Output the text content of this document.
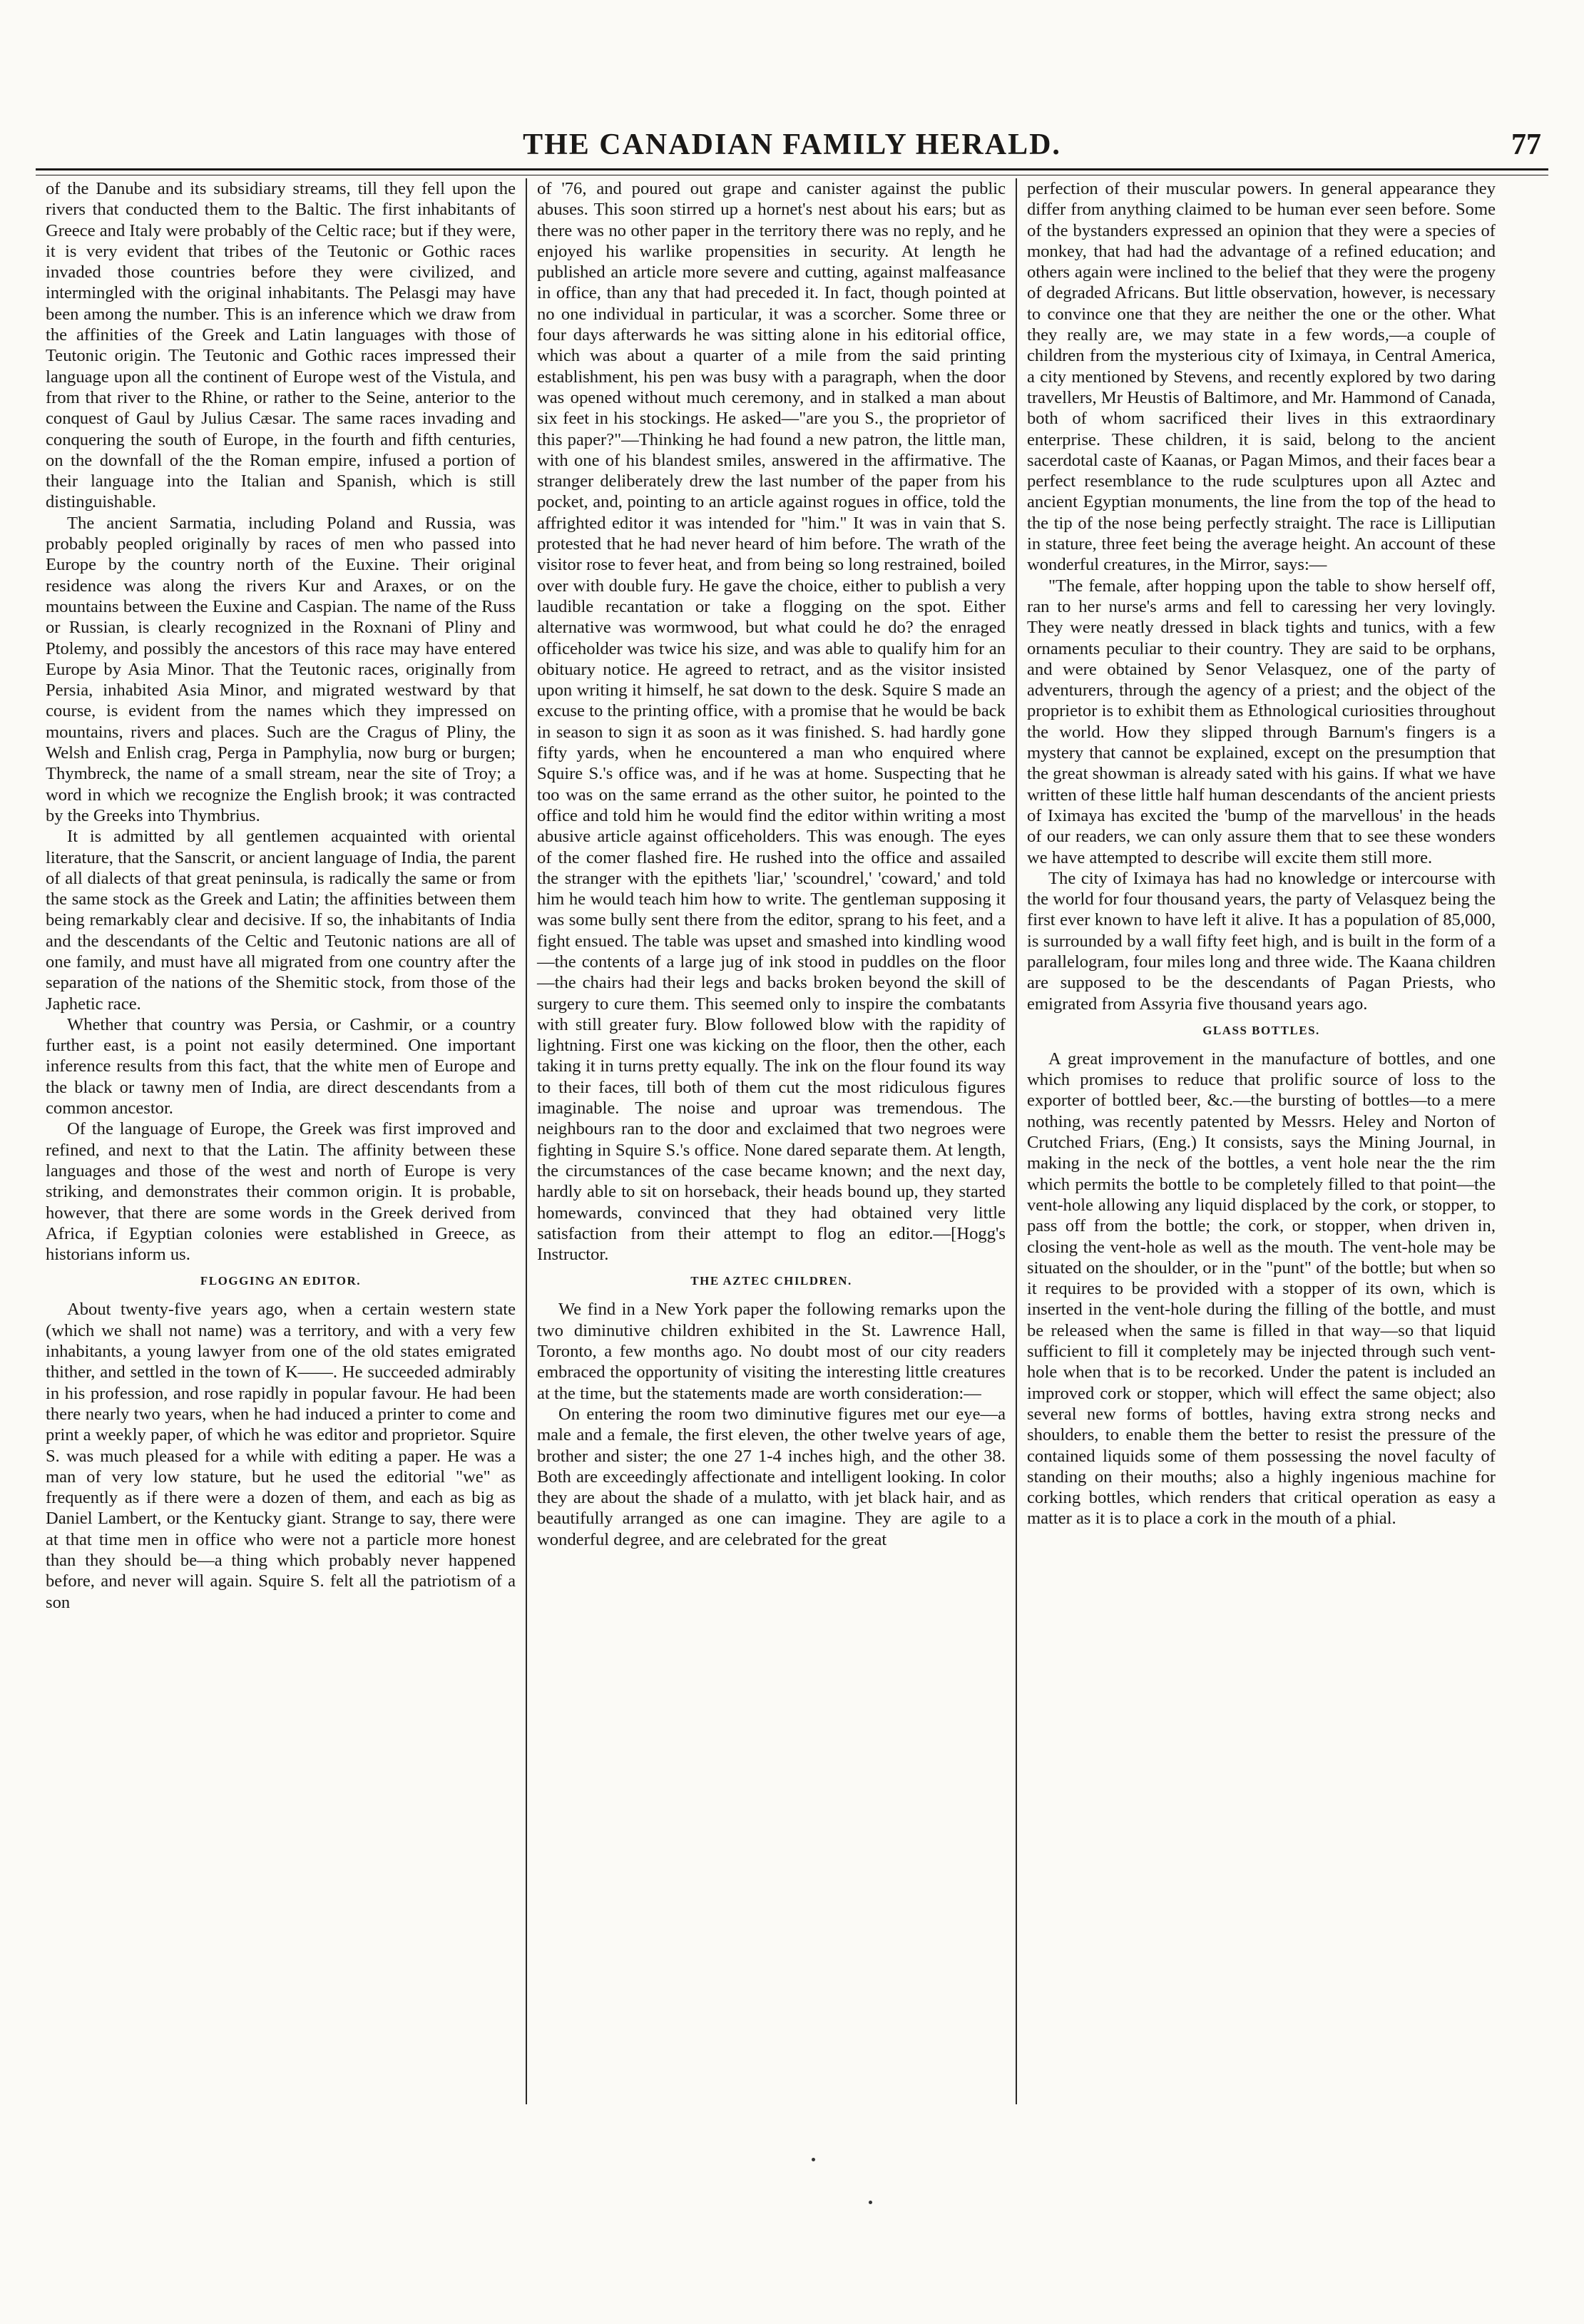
THE CANADIAN FAMILY HERALD.	77

of the Danube and its subsidiary streams, till they fell upon the rivers that conducted them to the Baltic. The first inhabitants of Greece and Italy were probably of the Celtic race; but if they were, it is very evident that tribes of the Teutonic or Gothic races invaded those countries before they were civilized, and intermingled with the original inhabitants. The Pelasgi may have been among the number. This is an inference which we draw from the affinities of the Greek and Latin languages with those of Teutonic origin. The Teutonic and Gothic races impressed their language upon all the continent of Europe west of the Vistula, and from that river to the Rhine, or rather to the Seine, anterior to the conquest of Gaul by Julius Cæsar. The same races invading and conquering the south of Europe, in the fourth and fifth centuries, on the downfall of the the Roman empire, infused a portion of their language into the Italian and Spanish, which is still distinguishable.

The ancient Sarmatia, including Poland and Russia, was probably peopled originally by races of men who passed into Europe by the country north of the Euxine. Their original residence was along the rivers Kur and Araxes, or on the mountains between the Euxine and Caspian. The name of the Russ or Russian, is clearly recognized in the Roxnani of Pliny and Ptolemy, and possibly the ancestors of this race may have entered Europe by Asia Minor. That the Teutonic races, originally from Persia, inhabited Asia Minor, and migrated westward by that course, is evident from the names which they impressed on mountains, rivers and places. Such are the Cragus of Pliny, the Welsh and Enlish crag, Perga in Pamphylia, now burg or burgen; Thymbreck, the name of a small stream, near the site of Troy; a word in which we recognize the English brook; it was contracted by the Greeks into Thymbrius.

It is admitted by all gentlemen acquainted with oriental literature, that the Sanscrit, or ancient language of India, the parent of all dialects of that great peninsula, is radically the same or from the same stock as the Greek and Latin; the affinities between them being remarkably clear and decisive. If so, the inhabitants of India and the descendants of the Celtic and Teutonic nations are all of one family, and must have all migrated from one country after the separation of the nations of the Shemitic stock, from those of the Japhetic race.

Whether that country was Persia, or Cashmir, or a country further east, is a point not easily determined. One important inference results from this fact, that the white men of Europe and the black or tawny men of India, are direct descendants from a common ancestor.

Of the language of Europe, the Greek was first improved and refined, and next to that the Latin. The affinity between these languages and those of the west and north of Europe is very striking, and demonstrates their common origin. It is probable, however, that there are some words in the Greek derived from Africa, if Egyptian colonies were established in Greece, as historians inform us.

FLOGGING AN EDITOR.

About twenty-five years ago, when a certain western state (which we shall not name) was a territory, and with a very few inhabitants, a young lawyer from one of the old states emigrated thither, and settled in the town of K——. He succeeded admirably in his profession, and rose rapidly in popular favour. He had been there nearly two years, when he had induced a printer to come and print a weekly paper, of which he was editor and proprietor. Squire S. was much pleased for a while with editing a paper. He was a man of very low stature, but he used the editorial "we" as frequently as if there were a dozen of them, and each as big as Daniel Lambert, or the Kentucky giant. Strange to say, there were at that time men in office who were not a particle more honest than they should be—a thing which probably never happened before, and never will again. Squire S. felt all the patriotism of a son

of '76, and poured out grape and canister against the public abuses. This soon stirred up a hornet's nest about his ears; but as there was no other paper in the territory there was no reply, and he enjoyed his warlike propensities in security. At length he published an article more severe and cutting, against malfeasance in office, than any that had preceded it. In fact, though pointed at no one individual in particular, it was a scorcher. Some three or four days afterwards he was sitting alone in his editorial office, which was about a quarter of a mile from the said printing establishment, his pen was busy with a paragraph, when the door was opened without much ceremony, and in stalked a man about six feet in his stockings. He asked—"are you S., the proprietor of this paper?"—Thinking he had found a new patron, the little man, with one of his blandest smiles, answered in the affirmative. The stranger deliberately drew the last number of the paper from his pocket, and, pointing to an article against rogues in office, told the affrighted editor it was intended for "him." It was in vain that S. protested that he had never heard of him before. The wrath of the visitor rose to fever heat, and from being so long restrained, boiled over with double fury. He gave the choice, either to publish a very laudible recantation or take a flogging on the spot. Either alternative was wormwood, but what could he do? the enraged officeholder was twice his size, and was able to qualify him for an obituary notice. He agreed to retract, and as the visitor insisted upon writing it himself, he sat down to the desk. Squire S made an excuse to the printing office, with a promise that he would be back in season to sign it as soon as it was finished. S. had hardly gone fifty yards, when he encountered a man who enquired where Squire S.'s office was, and if he was at home. Suspecting that he too was on the same errand as the other suitor, he pointed to the office and told him he would find the editor within writing a most abusive article against officeholders. This was enough. The eyes of the comer flashed fire. He rushed into the office and assailed the stranger with the epithets 'liar,' 'scoundrel,' 'coward,' and told him he would teach him how to write. The gentleman supposing it was some bully sent there from the editor, sprang to his feet, and a fight ensued. The table was upset and smashed into kindling wood—the contents of a large jug of ink stood in puddles on the floor —the chairs had their legs and backs broken beyond the skill of surgery to cure them. This seemed only to inspire the combatants with still greater fury. Blow followed blow with the rapidity of lightning. First one was kicking on the floor, then the other, each taking it in turns pretty equally. The ink on the flour found its way to their faces, till both of them cut the most ridiculous figures imaginable. The noise and uproar was tremendous. The neighbours ran to the door and exclaimed that two negroes were fighting in Squire S.'s office. None dared separate them. At length, the circumstances of the case became known; and the next day, hardly able to sit on horseback, their heads bound up, they started homewards, convinced that they had obtained very little satisfaction from their attempt to flog an editor.—[Hogg's Instructor.

THE AZTEC CHILDREN.

We find in a New York paper the following remarks upon the two diminutive children exhibited in the St. Lawrence Hall, Toronto, a few months ago. No doubt most of our city readers embraced the opportunity of visiting the interesting little creatures at the time, but the statements made are worth consideration:—

On entering the room two diminutive figures met our eye—a male and a female, the first eleven, the other twelve years of age, brother and sister; the one 27 1-4 inches high, and the other 38. Both are exceedingly affectionate and intelligent looking. In color they are about the shade of a mulatto, with jet black hair, and as beautifully arranged as one can imagine. They are agile to a wonderful degree, and are celebrated for the great

perfection of their muscular powers. In general appearance they differ from anything claimed to be human ever seen before. Some of the bystanders expressed an opinion that they were a species of monkey, that had had the advantage of a refined education; and others again were inclined to the belief that they were the progeny of degraded Africans. But little observation, however, is necessary to convince one that they are neither the one or the other. What they really are, we may state in a few words,—a couple of children from the mysterious city of Iximaya, in Central America, a city mentioned by Stevens, and recently explored by two daring travellers, Mr Heustis of Baltimore, and Mr. Hammond of Canada, both of whom sacrificed their lives in this extraordinary enterprise. These children, it is said, belong to the ancient sacerdotal caste of Kaanas, or Pagan Mimos, and their faces bear a perfect resemblance to the rude sculptures upon all Aztec and ancient Egyptian monuments, the line from the top of the head to the tip of the nose being perfectly straight. The race is Lilliputian in stature, three feet being the average height. An account of these wonderful creatures, in the Mirror, says:—

"The female, after hopping upon the table to show herself off, ran to her nurse's arms and fell to caressing her very lovingly. They were neatly dressed in black tights and tunics, with a few ornaments peculiar to their country. They are said to be orphans, and were obtained by Senor Velasquez, one of the party of adventurers, through the agency of a priest; and the object of the proprietor is to exhibit them as Ethnological curiosities throughout the world. How they slipped through Barnum's fingers is a mystery that cannot be explained, except on the presumption that the great showman is already sated with his gains. If what we have written of these little half human descendants of the ancient priests of Iximaya has excited the 'bump of the marvellous' in the heads of our readers, we can only assure them that to see these wonders we have attempted to describe will excite them still more.

The city of Iximaya has had no knowledge or intercourse with the world for four thousand years, the party of Velasquez being the first ever known to have left it alive. It has a population of 85,000, is surrounded by a wall fifty feet high, and is built in the form of a parallelogram, four miles long and three wide. The Kaana children are supposed to be the descendants of Pagan Priests, who emigrated from Assyria five thousand years ago.

GLASS BOTTLES.

A great improvement in the manufacture of bottles, and one which promises to reduce that prolific source of loss to the exporter of bottled beer, &c.—the bursting of bottles—to a mere nothing, was recently patented by Messrs. Heley and Norton of Crutched Friars, (Eng.) It consists, says the Mining Journal, in making in the neck of the bottles, a vent hole near the the rim which permits the bottle to be completely filled to that point—the vent-hole allowing any liquid displaced by the cork, or stopper, to pass off from the bottle; the cork, or stopper, when driven in, closing the vent-hole as well as the mouth. The vent-hole may be situated on the shoulder, or in the "punt" of the bottle; but when so it requires to be provided with a stopper of its own, which is inserted in the vent-hole during the filling of the bottle, and must be released when the same is filled in that way—so that liquid sufficient to fill it completely may be injected through such vent-hole when that is to be recorked. Under the patent is included an improved cork or stopper, which will effect the same object; also several new forms of bottles, having extra strong necks and shoulders, to enable them the better to resist the pressure of the contained liquids some of them possessing the novel faculty of standing on their mouths; also a highly ingenious machine for corking bottles, which renders that critical operation as easy a matter as it is to place a cork in the mouth of a phial.
